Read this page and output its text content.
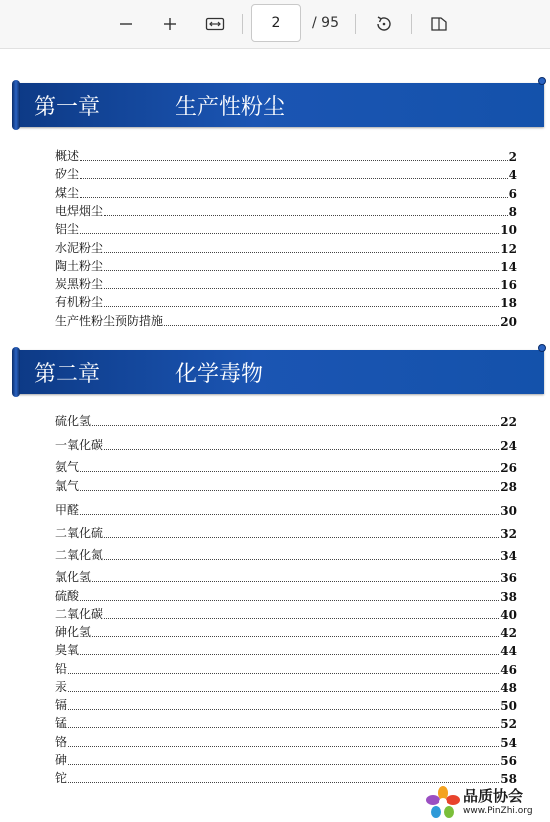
2
/ 95
第一章	生产性粉尘
概述	2
矽尘	4
煤尘	6
电焊烟尘	8
铝尘	10
水泥粉尘	12
陶土粉尘	14
炭黑粉尘	16
有机粉尘	18
生产性粉尘预防措施	20
第二章	化学毒物
硫化氢	22
一氧化碳	24
氨气	26
氯气	28
甲醛	30
二氧化硫	32
二氧化氮	34
氯化氢	36
硫酸	38
二氧化碳	40
砷化氢	42
臭氧	44
铅	46
汞	48
镉	50
锰	52
铬	54
砷	56
铊	58
品质协会
www.PinZhi.org
